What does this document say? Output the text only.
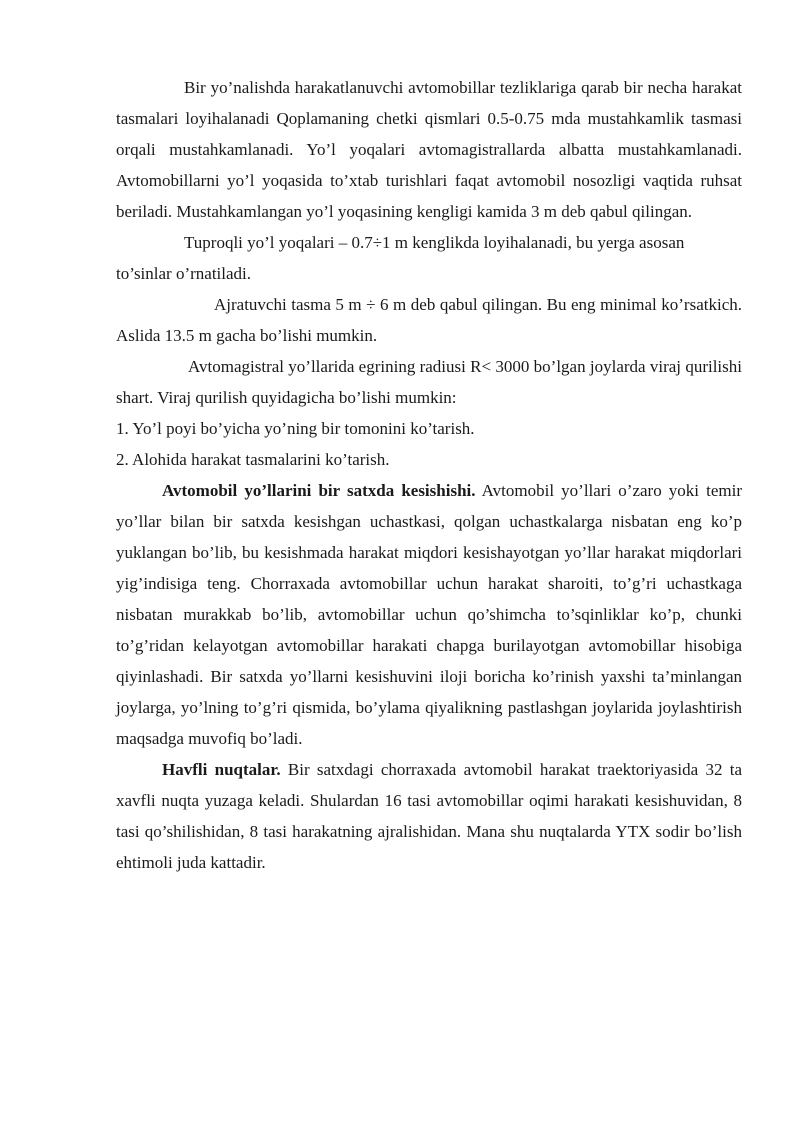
Bir yo’nalishda harakatlanuvchi avtomobillar tezliklariga qarab bir necha harakat tasmalari loyihalanadi Qoplamaning chetki qismlari 0.5-0.75 mda mustahkamlik tasmasi orqali mustahkamlanadi. Yo’l yoqalari avtomagistrallarda albatta mustahkamlanadi. Avtomobillarni yo’l yoqasida to’xtab turishlari faqat avtomobil nosozligi vaqtida ruhsat beriladi. Mustahkamlangan yo’l yoqasining kengligi kamida 3 m deb qabul qilingan.

Tuproqli yo’l yoqalari – 0.7÷1 m kenglikda loyihalanadi, bu yerga asosan to’sinlar o’rnatiladi.

Ajratuvchi tasma 5 m ÷ 6 m deb qabul qilingan. Bu eng minimal ko’rsatkich. Aslida 13.5 m gacha bo’lishi mumkin.

Avtomagistral yo’llarida egrining radiusi R< 3000 bo’lgan joylarda viraj qurilishi shart. Viraj qurilish quyidagicha bo’lishi mumkin:

1. Yo’l poyi bo’yicha yo’ning bir tomonini ko’tarish.

2. Alohida harakat tasmalarini ko’tarish.

Avtomobil yo’llarini bir satxda kesishishi. Avtomobil yo’llari o’zaro yoki temir yo’llar bilan bir satxda kesishgan uchastkasi, qolgan uchastkalarga nisbatan eng ko’p yuklangan bo’lib, bu kesishmada harakat miqdori kesishayotgan yo’llar harakat miqdorlari yig’indisiga teng. Chorraxada avtomobillar uchun harakat sharoiti, to’g’ri uchastkaga nisbatan murakkab bo’lib, avtomobillar uchun qo’shimcha to’sqinliklar ko’p, chunki to’g’ridan kelayotgan avtomobillar harakati chapga burilayotgan avtomobillar hisobiga qiyinlashadi. Bir satxda yo’llarni kesishuvini iloji boricha ko’rinish yaxshi ta’minlangan joylarga, yo’lning to’g’ri qismida, bo’ylama qiyalikning pastlashgan joylarida joylashtirish maqsadga muvofiq bo’ladi.

Havfli nuqtalar. Bir satxdagi chorraxada avtomobil harakat traektoriyasida 32 ta xavfli nuqta yuzaga keladi. Shulardan 16 tasi avtomobillar oqimi harakati kesishuvidan, 8 tasi qo’shilishidan, 8 tasi harakatning ajralishidan. Mana shu nuqtalarda YTX sodir bo’lish ehtimoli juda kattadir.
